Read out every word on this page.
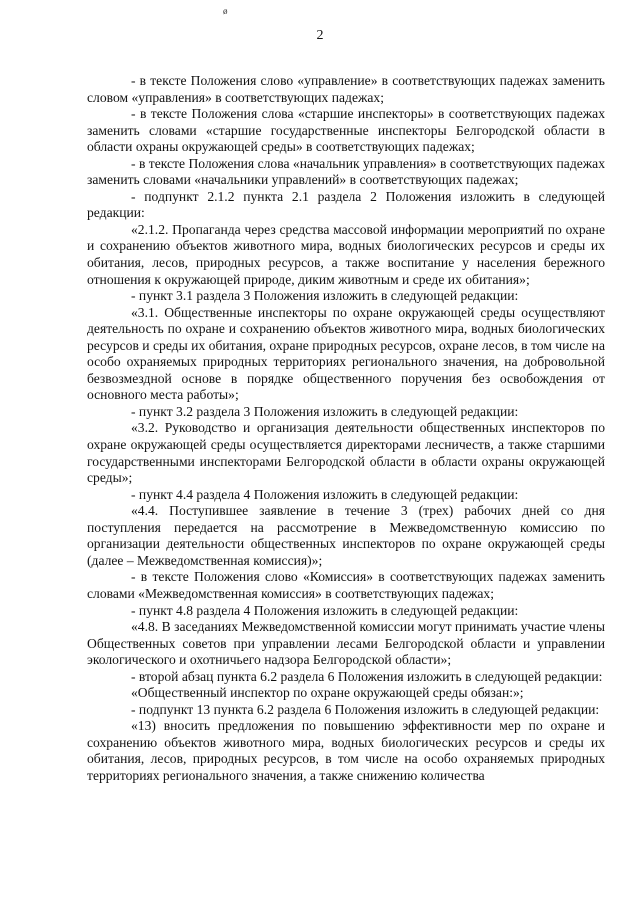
ø
2

- в тексте Положения слово «управление» в соответствующих падежах заменить словом «управления» в соответствующих падежах;

- в тексте Положения слова «старшие инспекторы» в соответствующих падежах заменить словами «старшие государственные инспекторы Белгородской области в области охраны окружающей среды» в соответствующих падежах;

- в тексте Положения слова «начальник управления» в соответствующих падежах заменить словами «начальники управлений» в соответствующих падежах;

- подпункт 2.1.2 пункта 2.1 раздела 2 Положения изложить в следующей редакции:

«2.1.2. Пропаганда через средства массовой информации мероприятий по охране и сохранению объектов животного мира, водных биологических ресурсов и среды их обитания, лесов, природных ресурсов, а также воспитание у населения бережного отношения к окружающей природе, диким животным и среде их обитания»;

- пункт 3.1 раздела 3 Положения изложить в следующей редакции:

«3.1. Общественные инспекторы по охране окружающей среды осуществляют деятельность по охране и сохранению объектов животного мира, водных биологических ресурсов и среды их обитания, охране природных ресурсов, охране лесов, в том числе на особо охраняемых природных территориях регионального значения, на добровольной безвозмездной основе в порядке общественного поручения без освобождения от основного места работы»;

- пункт 3.2 раздела 3 Положения изложить в следующей редакции:

«3.2. Руководство и организация деятельности общественных инспекторов по охране окружающей среды осуществляется директорами лесничеств, а также старшими государственными инспекторами Белгородской области в области охраны окружающей среды»;

- пункт 4.4 раздела 4 Положения изложить в следующей редакции:

«4.4. Поступившее заявление в течение 3 (трех) рабочих дней со дня поступления передается на рассмотрение в Межведомственную комиссию по организации деятельности общественных инспекторов по охране окружающей среды (далее – Межведомственная комиссия)»;

- в тексте Положения слово «Комиссия» в соответствующих падежах заменить словами «Межведомственная комиссия» в соответствующих падежах;

- пункт 4.8 раздела 4 Положения изложить в следующей редакции:

«4.8. В заседаниях Межведомственной комиссии могут принимать участие члены Общественных советов при управлении лесами Белгородской области и управлении экологического и охотничьего надзора Белгородской области»;

- второй абзац пункта 6.2 раздела 6 Положения изложить в следующей редакции:

«Общественный инспектор по охране окружающей среды обязан:»;

- подпункт 13 пункта 6.2 раздела 6 Положения изложить в следующей редакции:

«13) вносить предложения по повышению эффективности мер по охране и сохранению объектов животного мира, водных биологических ресурсов и среды их обитания, лесов, природных ресурсов, в том числе на особо охраняемых природных территориях регионального значения, а также снижению количества
